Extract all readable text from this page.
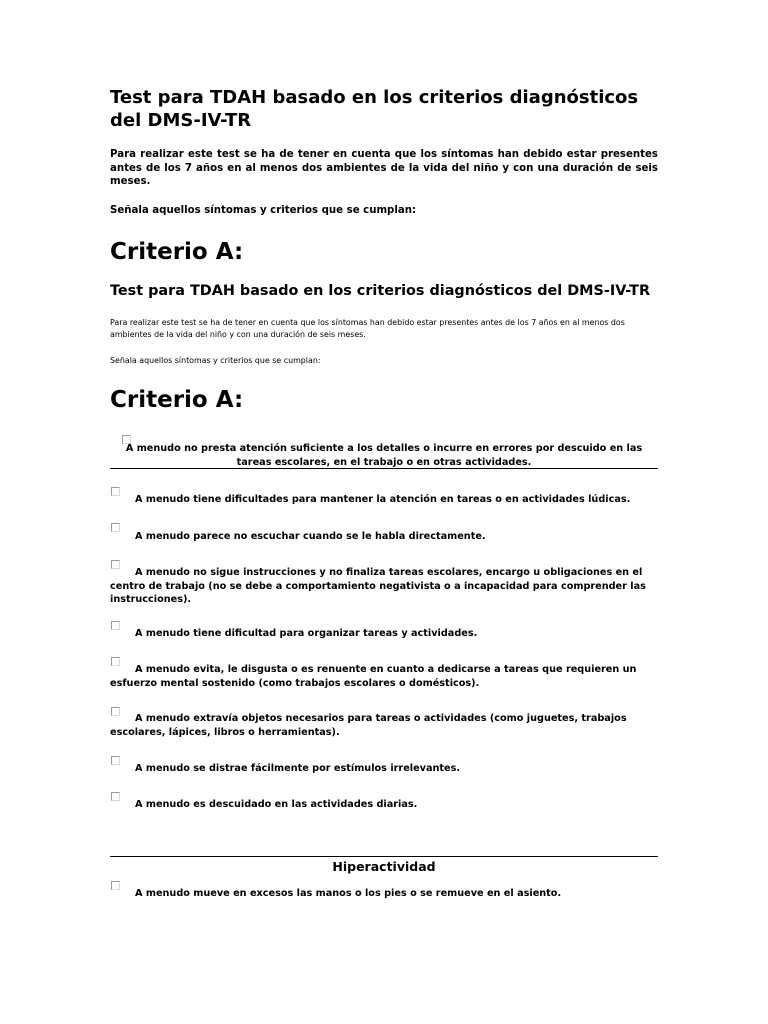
Test para TDAH basado en los criterios diagnósticos del DMS-IV-TR

Para realizar este test se ha de tener en cuenta que los síntomas han debido estar presentes antes de los 7 años en al menos dos ambientes de la vida del niño y con una duración de seis meses.

Señala aquellos síntomas y criterios que se cumplan:

Criterio A:
Test para TDAH basado en los criterios diagnósticos del DMS-IV-TR

Para realizar este test se ha de tener en cuenta que los síntomas han debido estar presentes antes de los 7 años en al menos dos ambientes de la vida del niño y con una duración de seis meses.

Señala aquellos síntomas y criterios que se cumplan:

Criterio A:

A menudo no presta atención suficiente a los detalles o incurre en errores por descuido en las tareas escolares, en el trabajo o en otras actividades.

A menudo tiene dificultades para mantener la atención en tareas o en actividades lúdicas.

A menudo parece no escuchar cuando se le habla directamente.

A menudo no sigue instrucciones y no finaliza tareas escolares, encargo u obligaciones en el centro de trabajo (no se debe a comportamiento negativista o a incapacidad para comprender las instrucciones).

A menudo tiene dificultad para organizar tareas y actividades.

A menudo evita, le disgusta o es renuente en cuanto a dedicarse a tareas que requieren un esfuerzo mental sostenido (como trabajos escolares o domésticos).

A menudo extravía objetos necesarios para tareas o actividades (como juguetes, trabajos escolares, lápices, libros o herramientas).

A menudo se distrae fácilmente por estímulos irrelevantes.

A menudo es descuidado en las actividades diarias.

Hiperactividad

A menudo mueve en excesos las manos o los pies o se remueve en el asiento.
